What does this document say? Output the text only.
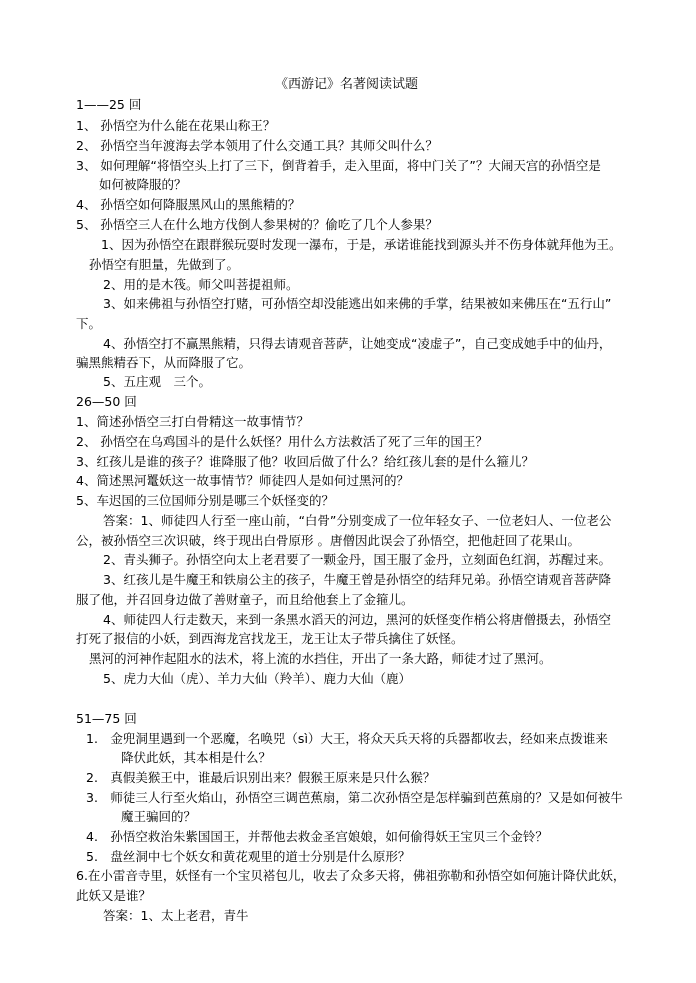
《西游记》名著阅读试题
1——25 回
1、 孙悟空为什么能在花果山称王？
2、 孙悟空当年渡海去学本领用了什么交通工具？其师父叫什么？
3、 如何理解“将悟空头上打了三下，倒背着手，走入里面，将中门关了”？大闹天宫的孙悟空是
如何被降服的？
4、 孙悟空如何降服黑风山的黑熊精的？
5、 孙悟空三人在什么地方伐倒人参果树的？偷吃了几个人参果？
1、因为孙悟空在跟群猴玩耍时发现一瀑布，于是，承诺谁能找到源头并不伤身体就拜他为王。
孙悟空有胆量，先做到了。
2、用的是木筏。师父叫菩提祖师。
3、如来佛祖与孙悟空打赌，可孙悟空却没能逃出如来佛的手掌，结果被如来佛压在“五行山”
下。
4、孙悟空打不赢黑熊精，只得去请观音菩萨，让她变成“凌虚子”，自己变成她手中的仙丹，
骗黑熊精吞下，从而降服了它。
5、五庄观　三个。
26—50 回
1、简述孙悟空三打白骨精这一故事情节？
2、 孙悟空在乌鸡国斗的是什么妖怪？用什么方法救活了死了三年的国王？
3、红孩儿是谁的孩子？谁降服了他？收回后做了什么？给红孩儿套的是什么箍儿？
4、简述黑河鼍妖这一故事情节？师徒四人是如何过黑河的？
5、车迟国的三位国师分别是哪三个妖怪变的？
答案：1、师徒四人行至一座山前，“白骨”分别变成了一位年轻女子、一位老妇人、一位老公
公，被孙悟空三次识破，终于现出白骨原形 。唐僧因此误会了孙悟空，把他赶回了花果山。
2、青头狮子。孙悟空向太上老君要了一颗金丹，国王服了金丹，立刻面色红润，苏醒过来。
3、红孩儿是牛魔王和铁扇公主的孩子，牛魔王曾是孙悟空的结拜兄弟。孙悟空请观音菩萨降
服了他，并召回身边做了善财童子，而且给他套上了金箍儿。
4、师徒四人行走数天，来到一条黑水滔天的河边，黑河的妖怪变作梢公将唐僧摄去，孙悟空
打死了报信的小妖，到西海龙宫找龙王，龙王让太子带兵擒住了妖怪。
黑河的河神作起阻水的法术，将上流的水挡住，开出了一条大路，师徒才过了黑河。
5、虎力大仙（虎）、羊力大仙（羚羊）、鹿力大仙（鹿）
51—75 回
1.　金兜洞里遇到一个恶魔，名唤兕（sì）大王，将众天兵天将的兵器都收去，经如来点拨谁来
降伏此妖，其本相是什么？
2.　真假美猴王中，谁最后识别出来？假猴王原来是只什么猴？
3.　师徒三人行至火焰山，孙悟空三调芭蕉扇，第二次孙悟空是怎样骗到芭蕉扇的？又是如何被牛
魔王骗回的？
4.　孙悟空救治朱紫国国王，并帮他去救金圣宫娘娘，如何偷得妖王宝贝三个金铃？
5.　盘丝洞中七个妖女和黄花观里的道士分别是什么原形？
6.在小雷音寺里，妖怪有一个宝贝褡包儿，收去了众多天将，佛祖弥勒和孙悟空如何施计降伏此妖，
此妖又是谁？
答案：1、太上老君，青牛
